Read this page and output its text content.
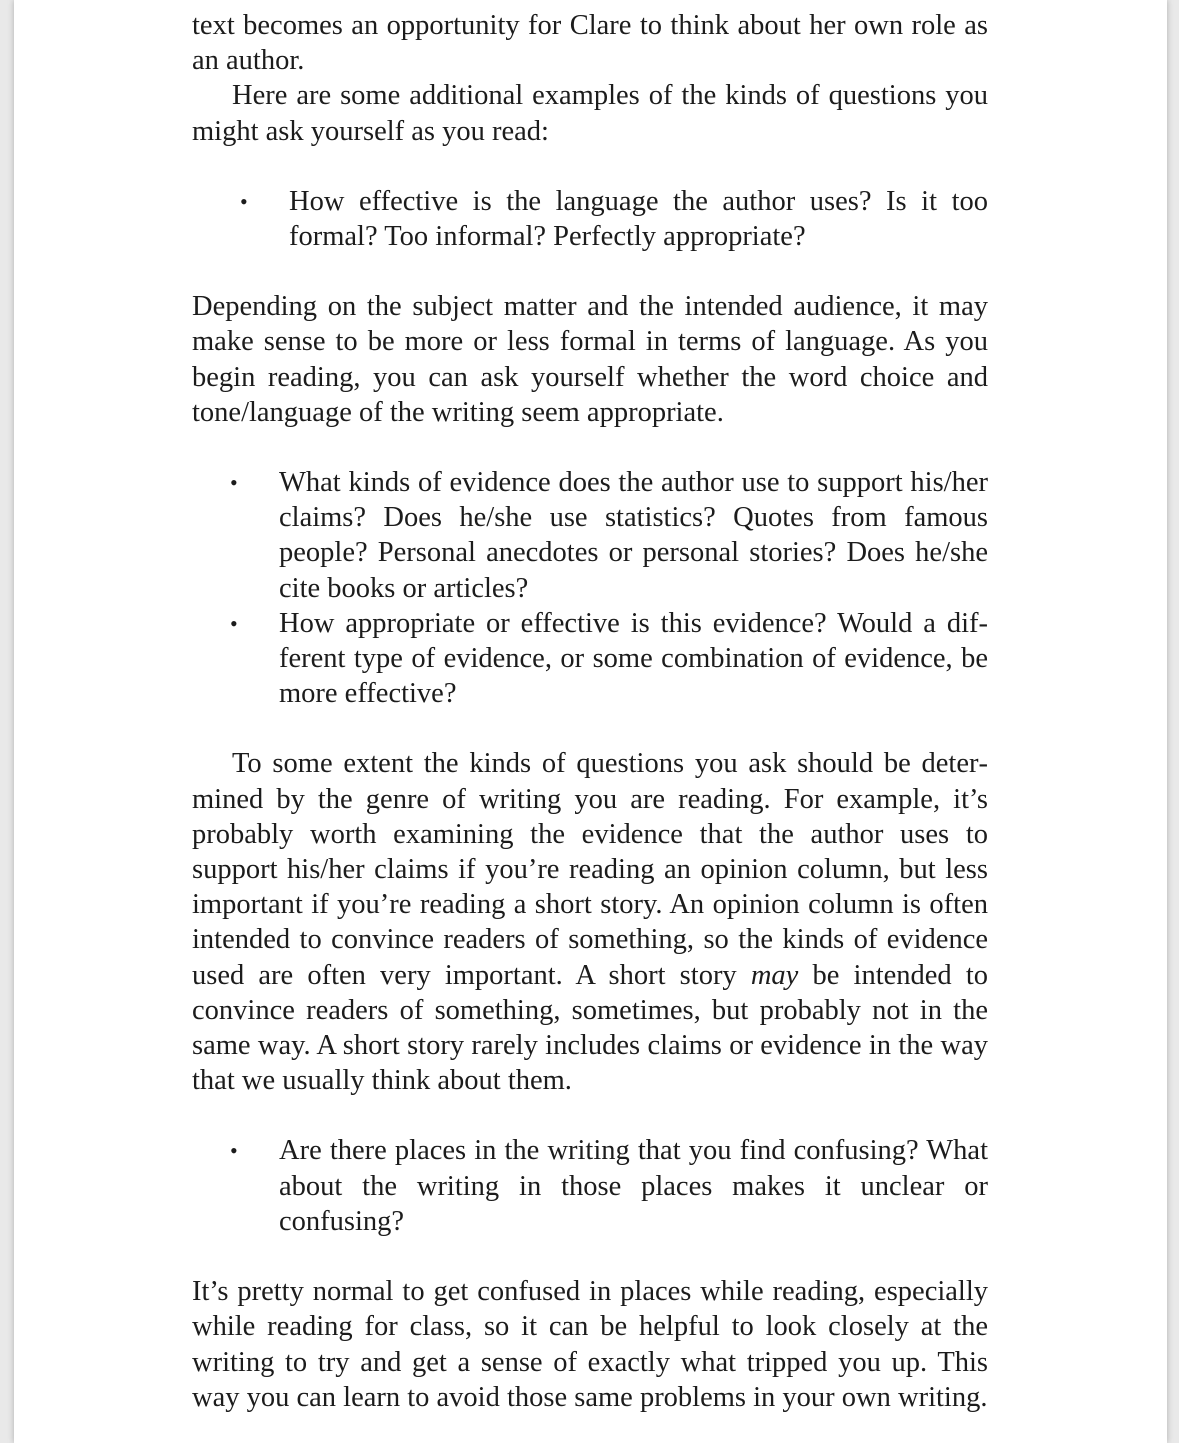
text becomes an opportunity for Clare to think about her own role as an author.

Here are some additional examples of the kinds of questions you might ask yourself as you read:

• How effective is the language the author uses? Is it too formal? Too informal? Perfectly appropriate?

Depending on the subject matter and the intended audience, it may make sense to be more or less formal in terms of language. As you begin reading, you can ask yourself whether the word choice and tone/​language of the writing seem appropriate.

• What kinds of evidence does the author use to support his/her claims? Does he/she use statistics? Quotes from famous people? Personal anecdotes or personal stories? Does he/she cite books or articles?
• How appropriate or effective is this evidence? Would a different type of evidence, or some combination of evidence, be more effective?

To some extent the kinds of questions you ask should be determined by the genre of writing you are reading. For example, it’s probably worth examining the evidence that the author uses to support his/​her claims if you’re reading an opinion column, but less important if you’re reading a short story. An opinion column is often intended to convince readers of something, so the kinds of evidence used are often very important. A short story may be intended to convince readers of something, sometimes, but probably not in the same way. A short story rarely includes claims or evidence in the way that we usually think about them.

• Are there places in the writing that you find confusing? What about the writing in those places makes it unclear or confusing?

It’s pretty normal to get confused in places while reading, especially while reading for class, so it can be helpful to look closely at the writing to try and get a sense of exactly what tripped you up. This way you can learn to avoid those same problems in your own writing.
